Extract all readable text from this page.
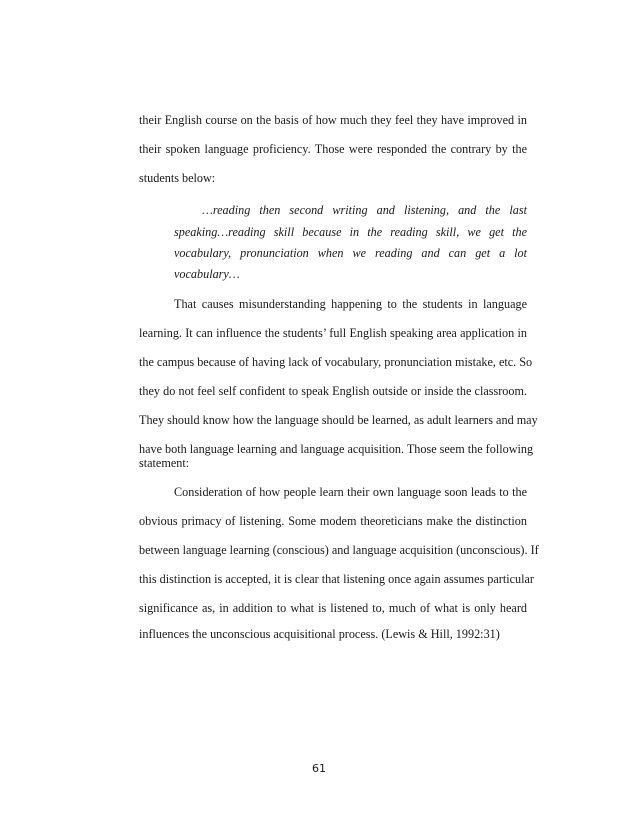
their English course on the basis of how much they feel they have improved in
their spoken language proficiency. Those were responded the contrary by the
students below:
…reading then second writing and listening, and the last
speaking…reading skill because in the reading skill, we get the
vocabulary, pronunciation when we reading and can get a lot
vocabulary…
That causes misunderstanding happening to the students in language
learning. It can influence the students’ full English speaking area application in
the campus because of having lack of vocabulary, pronunciation mistake, etc. So
they do not feel self confident to speak English outside or inside the classroom.
They should know how the language should be learned, as adult learners and may
have both language learning and language acquisition. Those seem the following
statement:
Consideration of how people learn their own language soon leads to the
obvious primacy of listening. Some modem theoreticians make the distinction
between language learning (conscious) and language acquisition (unconscious). If
this distinction is accepted, it is clear that listening once again assumes particular
significance as, in addition to what is listened to, much of what is only heard
influences the unconscious acquisitional process. (Lewis & Hill, 1992:31)
61
